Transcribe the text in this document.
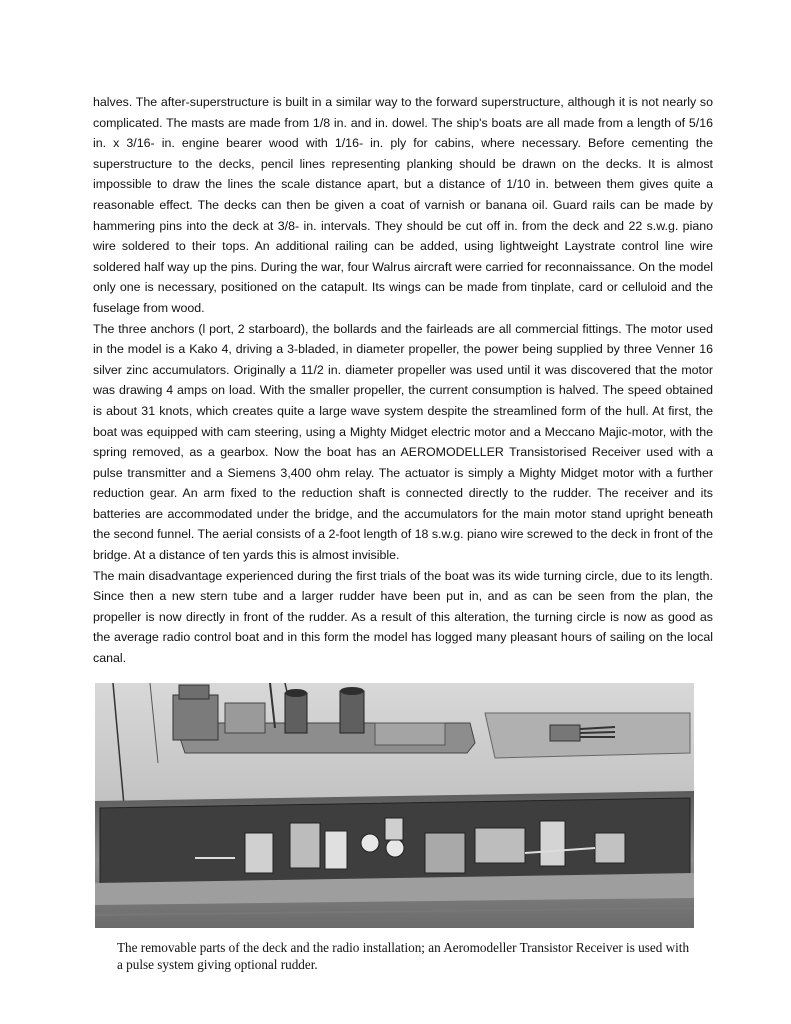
halves. The after-superstructure is built in a similar way to the forward superstructure, although it is not nearly so complicated. The masts are made from 1/8 in. and in. dowel. The ship's boats are all made from a length of 5/16 in. x 3/16- in. engine bearer wood with 1/16- in. ply for cabins, where necessary. Before cementing the superstructure to the decks, pencil lines representing planking should be drawn on the decks. It is almost impossible to draw the lines the scale distance apart, but a distance of 1/10 in. between them gives quite a reasonable effect. The decks can then be given a coat of varnish or banana oil. Guard rails can be made by hammering pins into the deck at 3/8- in. intervals. They should be cut off in. from the deck and 22 s.w.g. piano wire soldered to their tops. An additional railing can be added, using lightweight Laystrate control line wire soldered half way up the pins. During the war, four Walrus aircraft were carried for reconnaissance. On the model only one is necessary, positioned on the catapult. Its wings can be made from tinplate, card or celluloid and the fuselage from wood.

The three anchors (l port, 2 starboard), the bollards and the fairleads are all commercial fittings. The motor used in the model is a Kako 4, driving a 3-bladed, in diameter propeller, the power being supplied by three Venner 16 silver zinc accumulators. Originally a 11/2 in. diameter propeller was used until it was discovered that the motor was drawing 4 amps on load. With the smaller propeller, the current consumption is halved. The speed obtained is about 31 knots, which creates quite a large wave system despite the streamlined form of the hull. At first, the boat was equipped with cam steering, using a Mighty Midget electric motor and a Meccano Majic-motor, with the spring removed, as a gearbox. Now the boat has an AEROMODELLER Transistorised Receiver used with a pulse transmitter and a Siemens 3,400 ohm relay. The actuator is simply a Mighty Midget motor with a further reduction gear. An arm fixed to the reduction shaft is connected directly to the rudder. The receiver and its batteries are accommodated under the bridge, and the accumulators for the main motor stand upright beneath the second funnel. The aerial consists of a 2-foot length of 18 s.w.g. piano wire screwed to the deck in front of the bridge. At a distance of ten yards this is almost invisible.

The main disadvantage experienced during the first trials of the boat was its wide turning circle, due to its length. Since then a new stern tube and a larger rudder have been put in, and as can be seen from the plan, the propeller is now directly in front of the rudder. As a result of this alteration, the turning circle is now as good as the average radio control boat and in this form the model has logged many pleasant hours of sailing on the local canal.

The removable parts of the deck and the radio installation; an Aeromodeller Transistor Receiver is used with a pulse system giving optional rudder.
